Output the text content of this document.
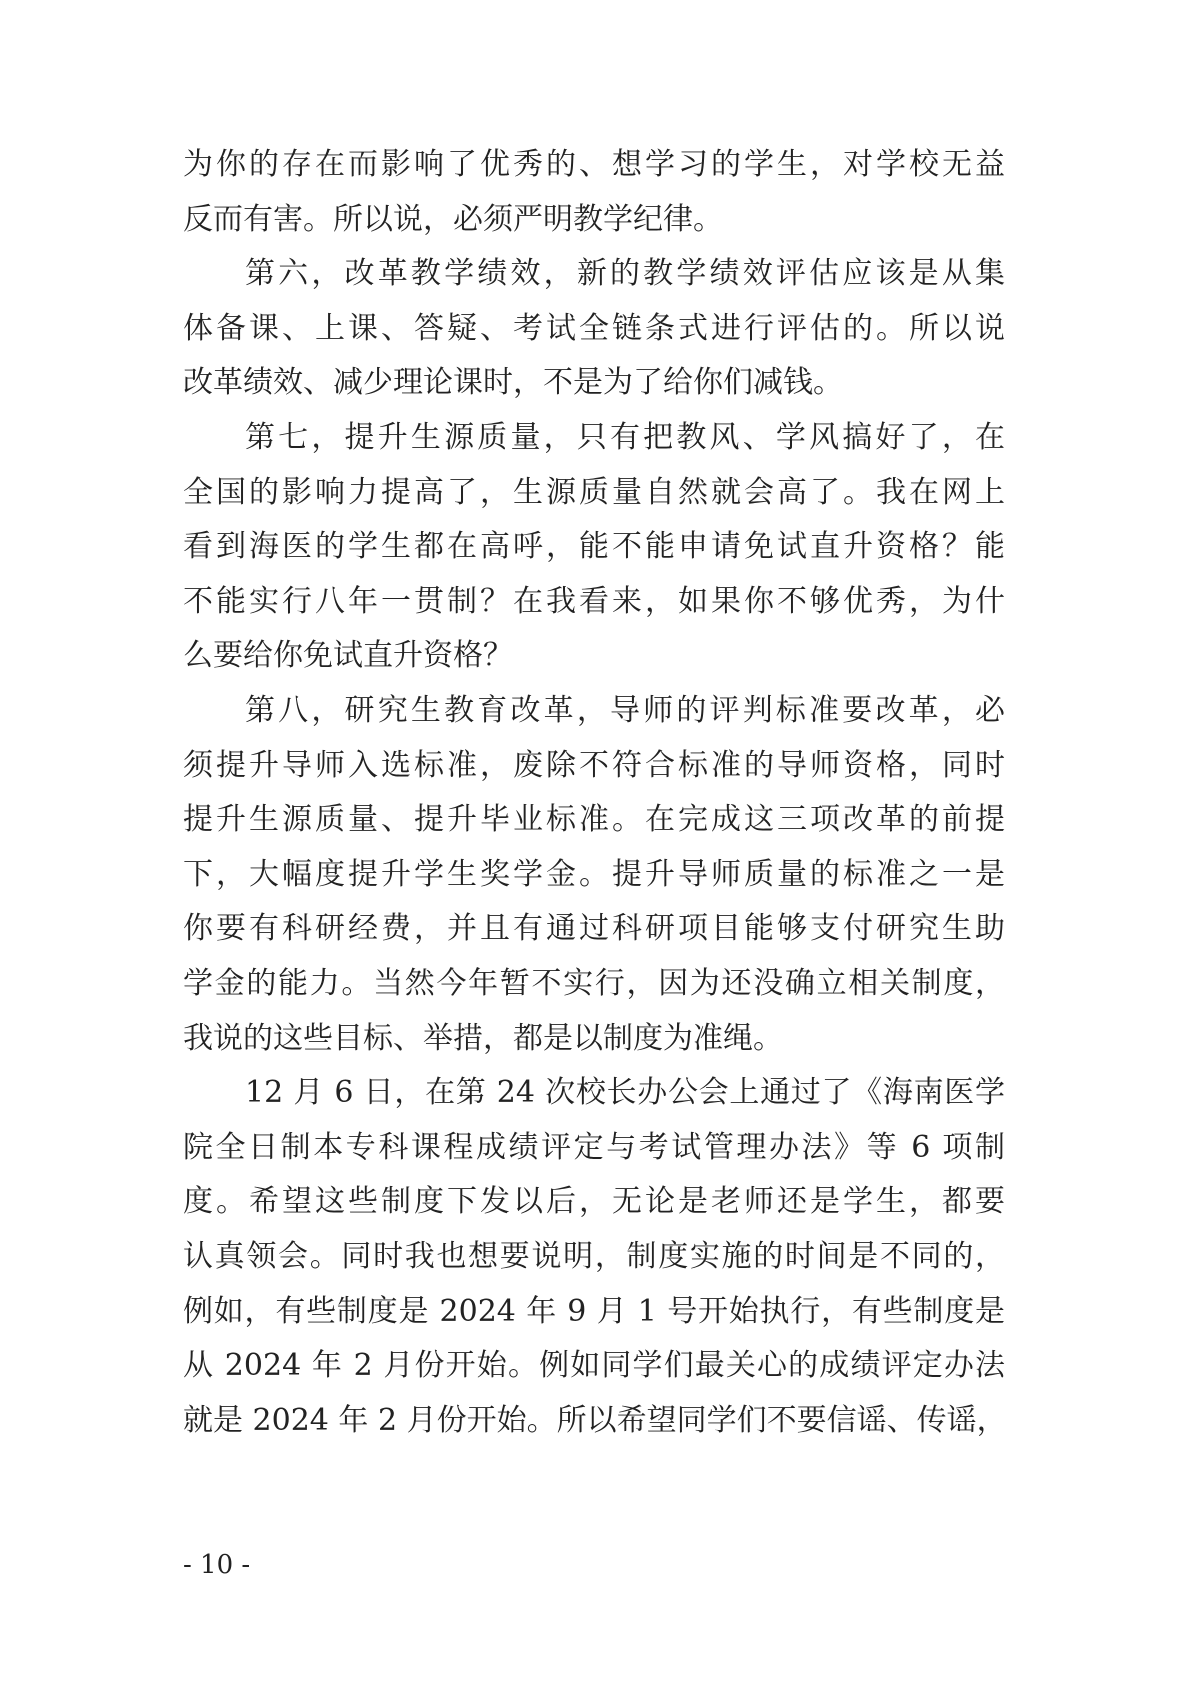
为你的存在而影响了优秀的、想学习的学生，对学校无益
反而有害。所以说，必须严明教学纪律。
第六，改革教学绩效，新的教学绩效评估应该是从集
体备课、上课、答疑、考试全链条式进行评估的。所以说
改革绩效、减少理论课时，不是为了给你们减钱。
第七，提升生源质量，只有把教风、学风搞好了，在
全国的影响力提高了，生源质量自然就会高了。我在网上
看到海医的学生都在高呼，能不能申请免试直升资格？能
不能实行八年一贯制？在我看来，如果你不够优秀，为什
么要给你免试直升资格？
第八，研究生教育改革，导师的评判标准要改革，必
须提升导师入选标准，废除不符合标准的导师资格，同时
提升生源质量、提升毕业标准。在完成这三项改革的前提
下，大幅度提升学生奖学金。提升导师质量的标准之一是
你要有科研经费，并且有通过科研项目能够支付研究生助
学金的能力。当然今年暂不实行，因为还没确立相关制度，
我说的这些目标、举措，都是以制度为准绳。
12 月 6 日，在第 24 次校长办公会上通过了《海南医学
院全日制本专科课程成绩评定与考试管理办法》等 6 项制
度。希望这些制度下发以后，无论是老师还是学生，都要
认真领会。同时我也想要说明，制度实施的时间是不同的，
例如，有些制度是 2024 年 9 月 1 号开始执行，有些制度是
从 2024 年 2 月份开始。例如同学们最关心的成绩评定办法
就是 2024 年 2 月份开始。所以希望同学们不要信谣、传谣，
- 10 -
